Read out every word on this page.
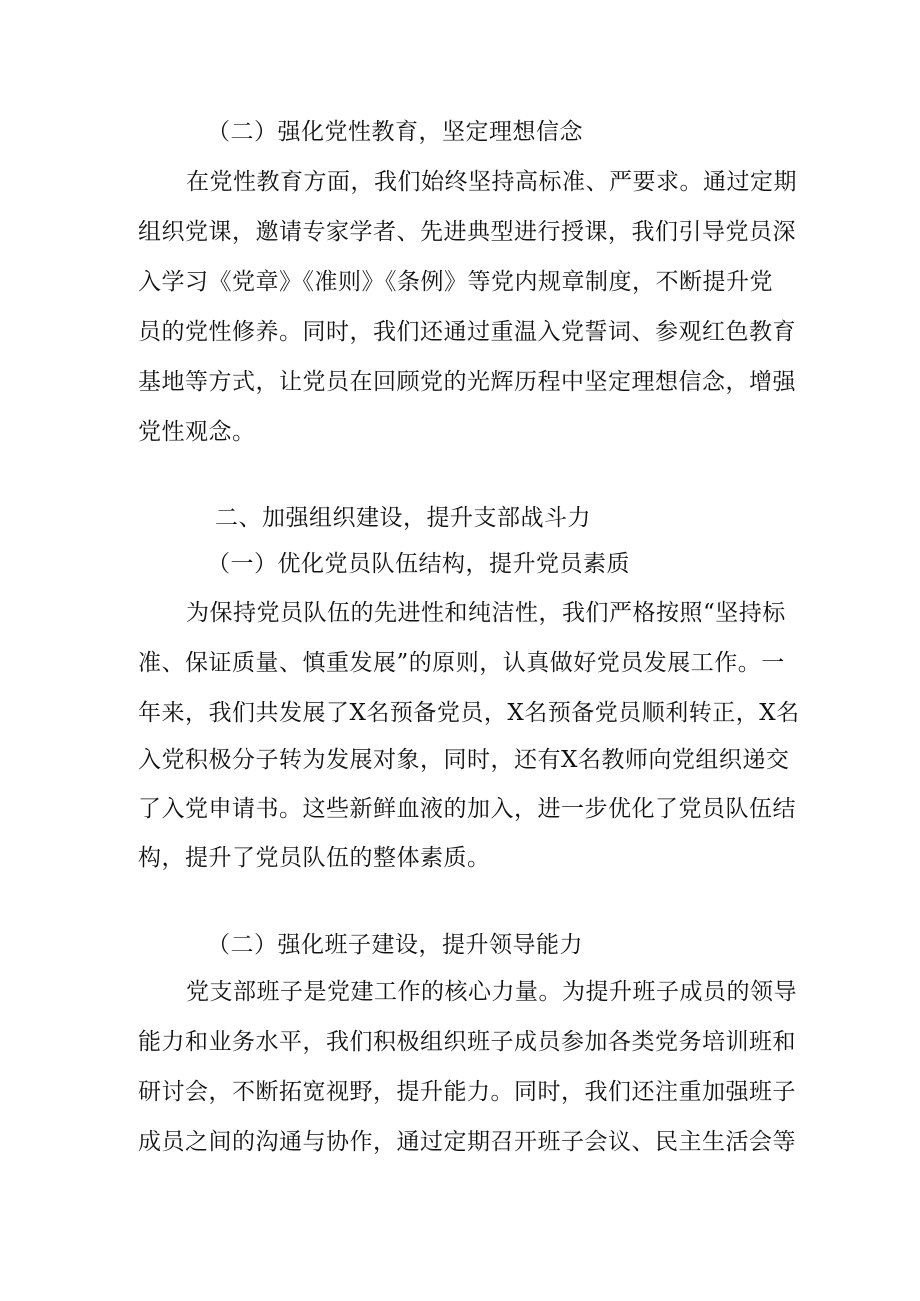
（二）强化党性教育，坚定理想信念
在党性教育方面，我们始终坚持高标准、严要求。通过定期
组织党课，邀请专家学者、先进典型进行授课，我们引导党员深
入学习《党章》《准则》《条例》等党内规章制度，不断提升党
员的党性修养。同时，我们还通过重温入党誓词、参观红色教育
基地等方式，让党员在回顾党的光辉历程中坚定理想信念，增强
党性观念。
二、加强组织建设，提升支部战斗力
（一）优化党员队伍结构，提升党员素质
为保持党员队伍的先进性和纯洁性，我们严格按照“坚持标
准、保证质量、慎重发展”的原则，认真做好党员发展工作。一
年来，我们共发展了X名预备党员，X名预备党员顺利转正，X名
入党积极分子转为发展对象，同时，还有X名教师向党组织递交
了入党申请书。这些新鲜血液的加入，进一步优化了党员队伍结
构，提升了党员队伍的整体素质。
（二）强化班子建设，提升领导能力
党支部班子是党建工作的核心力量。为提升班子成员的领导
能力和业务水平，我们积极组织班子成员参加各类党务培训班和
研讨会，不断拓宽视野，提升能力。同时，我们还注重加强班子
成员之间的沟通与协作，通过定期召开班子会议、民主生活会等
